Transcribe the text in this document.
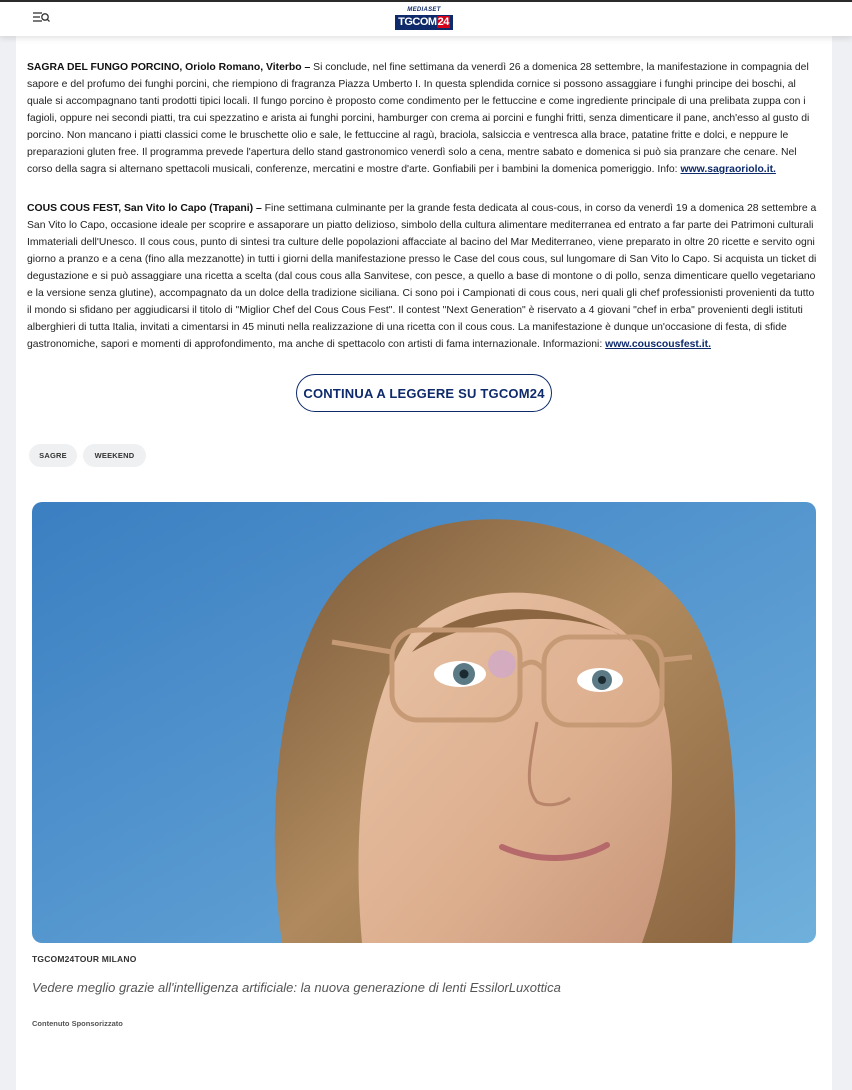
MEDIASET
TGCOM24

SAGRA DEL FUNGO PORCINO, Oriolo Romano, Viterbo – Si conclude, nel fine settimana da venerdì 26 a domenica 28 settembre, la manifestazione in compagnia del sapore e del profumo dei funghi porcini, che riempiono di fragranza Piazza Umberto I. In questa splendida cornice si possono assaggiare i funghi principe dei boschi, al quale si accompagnano tanti prodotti tipici locali. Il fungo porcino è proposto come condimento per le fettuccine e come ingrediente principale di una prelibata zuppa con i fagioli, oppure nei secondi piatti, tra cui spezzatino e arista ai funghi porcini, hamburger con crema ai porcini e funghi fritti, senza dimenticare il pane, anch'esso al gusto di porcino. Non mancano i piatti classici come le bruschette olio e sale, le fettuccine al ragù, braciola, salsiccia e ventresca alla brace, patatine fritte e dolci, e neppure le preparazioni gluten free. Il programma prevede l'apertura dello stand gastronomico venerdì solo a cena, mentre sabato e domenica si può sia pranzare che cenare. Nel corso della sagra si alternano spettacoli musicali, conferenze, mercatini e mostre d'arte. Gonfiabili per i bambini la domenica pomeriggio. Info: www.sagraoriolo.it.

COUS COUS FEST, San Vito lo Capo (Trapani) – Fine settimana culminante per la grande festa dedicata al cous-cous, in corso da venerdì 19 a domenica 28 settembre a San Vito lo Capo, occasione ideale per scoprire e assaporare un piatto delizioso, simbolo della cultura alimentare mediterranea ed entrato a far parte dei Patrimoni culturali Immateriali dell'Unesco. Il cous cous, punto di sintesi tra culture delle popolazioni affacciate al bacino del Mar Mediterraneo, viene preparato in oltre 20 ricette e servito ogni giorno a pranzo e a cena (fino alla mezzanotte) in tutti i giorni della manifestazione presso le Case del cous cous, sul lungomare di San Vito lo Capo. Si acquista un ticket di degustazione e si può assaggiare una ricetta a scelta (dal cous cous alla Sanvitese, con pesce, a quello a base di montone o di pollo, senza dimenticare quello vegetariano e la versione senza glutine), accompagnato da un dolce della tradizione siciliana. Ci sono poi i Campionati di cous cous, neri quali gli chef professionisti provenienti da tutto il mondo si sfidano per aggiudicarsi il titolo di "Miglior Chef del Cous Cous Fest". Il contest "Next Generation" è riservato a 4 giovani "chef in erba" provenienti degli istituti alberghieri di tutta Italia, invitati a cimentarsi in 45 minuti nella realizzazione di una ricetta con il cous cous. La manifestazione è dunque un'occasione di festa, di sfide gastronomiche, sapori e momenti di approfondimento, ma anche di spettacolo con artisti di fama internazionale. Informazioni: www.couscousfest.it.

CONTINUA A LEGGERE SU TGCOM24
SAGRE	WEEKEND
TGCOM24TOUR MILANO
Vedere meglio grazie all'intelligenza artificiale: la nuova generazione di lenti EssilorLuxottica
Contenuto Sponsorizzato
